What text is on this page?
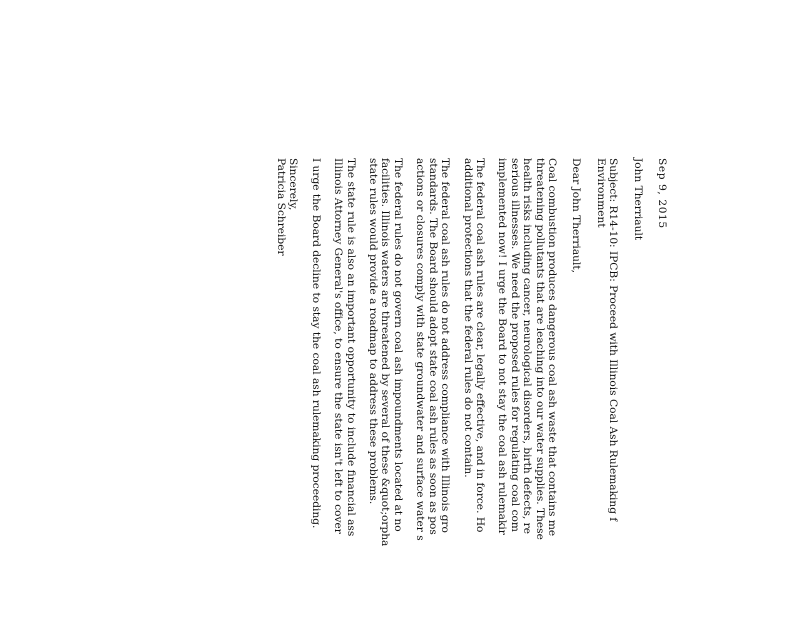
Sep 9, 2015
John Therriault
Subject: R14-10: IPCB: Proceed with Illinois Coal Ash Rulemaking f
Environment
Dear John Therriault,
Coal combustion produces dangerous coal ash waste that contains me
threatening pollutants that are leaching into our water supplies. These
health risks including cancer, neurological disorders, birth defects, re
serious illnesses. We need the proposed rules for regulating coal com
implemented now! I urge the Board to not stay the coal ash rulemakir
The federal coal ash rules are clear, legally effective, and in force. Ho
additional protections that the federal rules do not contain.
The federal coal ash rules do not address compliance with Illinois gro
standards. The Board should adopt state coal ash rules as soon as pos
actions or closures comply with state groundwater and surface water s
The federal rules do not govern coal ash impoundments located at no
facilities. Illinois waters are threatened by several of these &quot;orpha
state rules would provide a roadmap to address these problems.
The state rule is also an important opportunity to include financial ass
Illinois Attorney General's office, to ensure the state isn't left to cover
I urge the Board decline to stay the coal ash rulemaking proceeding.
Sincerely,
Patricia Schreiber
